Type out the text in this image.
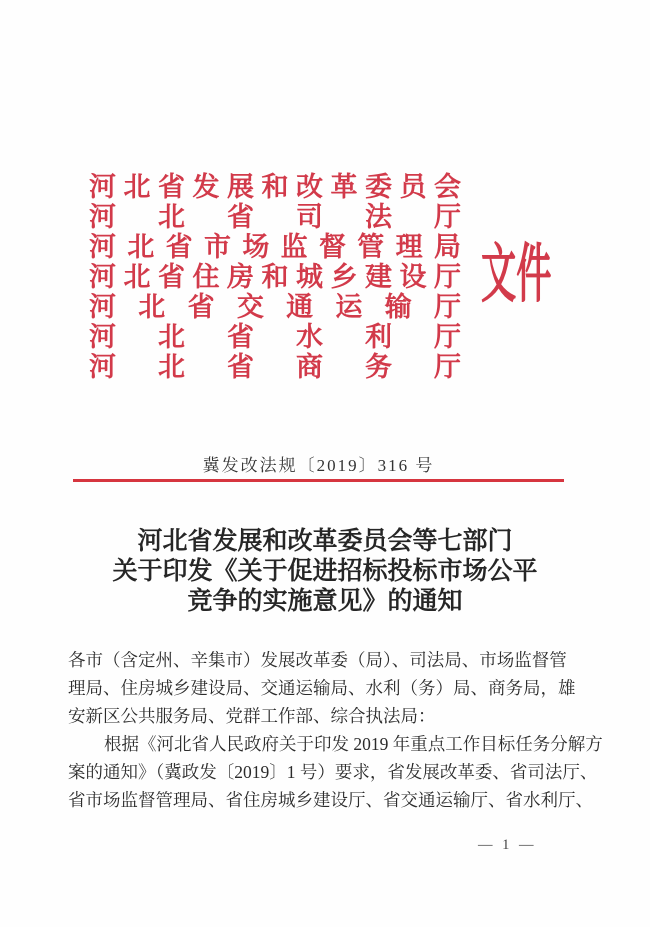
河 北 省 发 展 和 改 革 委 员 会
河 北 省 司 法 厅
河 北 省 市 场 监 督 管 理 局
河 北 省 住 房 和 城 乡 建 设 厅
河 北 省 交 通 运 输 厅
河 北 省 水 利 厅
河 北 省 商 务 厅
文件
冀发改法规〔2019〕316 号
河北省发展和改革委员会等七部门
关于印发《关于促进招标投标市场公平
竞争的实施意见》的通知
各市（含定州、辛集市）发展改革委（局）、司法局、市场监督管
理局、住房城乡建设局、交通运输局、水利（务）局、商务局，雄
安新区公共服务局、党群工作部、综合执法局：
根据《河北省人民政府关于印发 2019 年重点工作目标任务分解方
案的通知》（冀政发〔2019〕1 号）要求，省发展改革委、省司法厅、
省市场监督管理局、省住房城乡建设厅、省交通运输厅、省水利厅、
— 1 —
